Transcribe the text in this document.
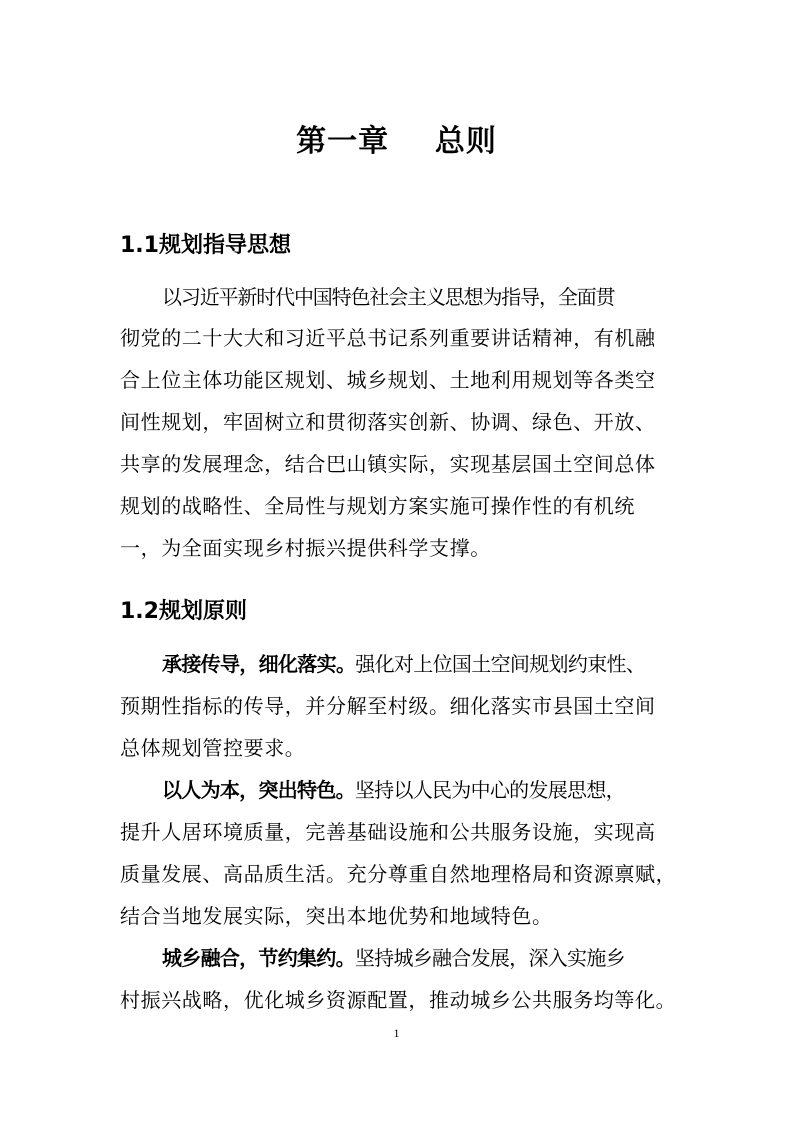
第一章    总则
1.1规划指导思想
以习近平新时代中国特色社会主义思想为指导，全面贯
彻党的二十大大和习近平总书记系列重要讲话精神，有机融
合上位主体功能区规划、城乡规划、土地利用规划等各类空
间性规划，牢固树立和贯彻落实创新、协调、绿色、开放、
共享的发展理念，结合巴山镇实际，实现基层国土空间总体
规划的战略性、全局性与规划方案实施可操作性的有机统
一，为全面实现乡村振兴提供科学支撑。
1.2规划原则
承接传导，细化落实。强化对上位国土空间规划约束性、
预期性指标的传导，并分解至村级。细化落实市县国土空间
总体规划管控要求。
以人为本，突出特色。坚持以人民为中心的发展思想，
提升人居环境质量，完善基础设施和公共服务设施，实现高
质量发展、高品质生活。充分尊重自然地理格局和资源禀赋，
结合当地发展实际，突出本地优势和地域特色。
城乡融合，节约集约。坚持城乡融合发展，深入实施乡
村振兴战略，优化城乡资源配置，推动城乡公共服务均等化。
1
